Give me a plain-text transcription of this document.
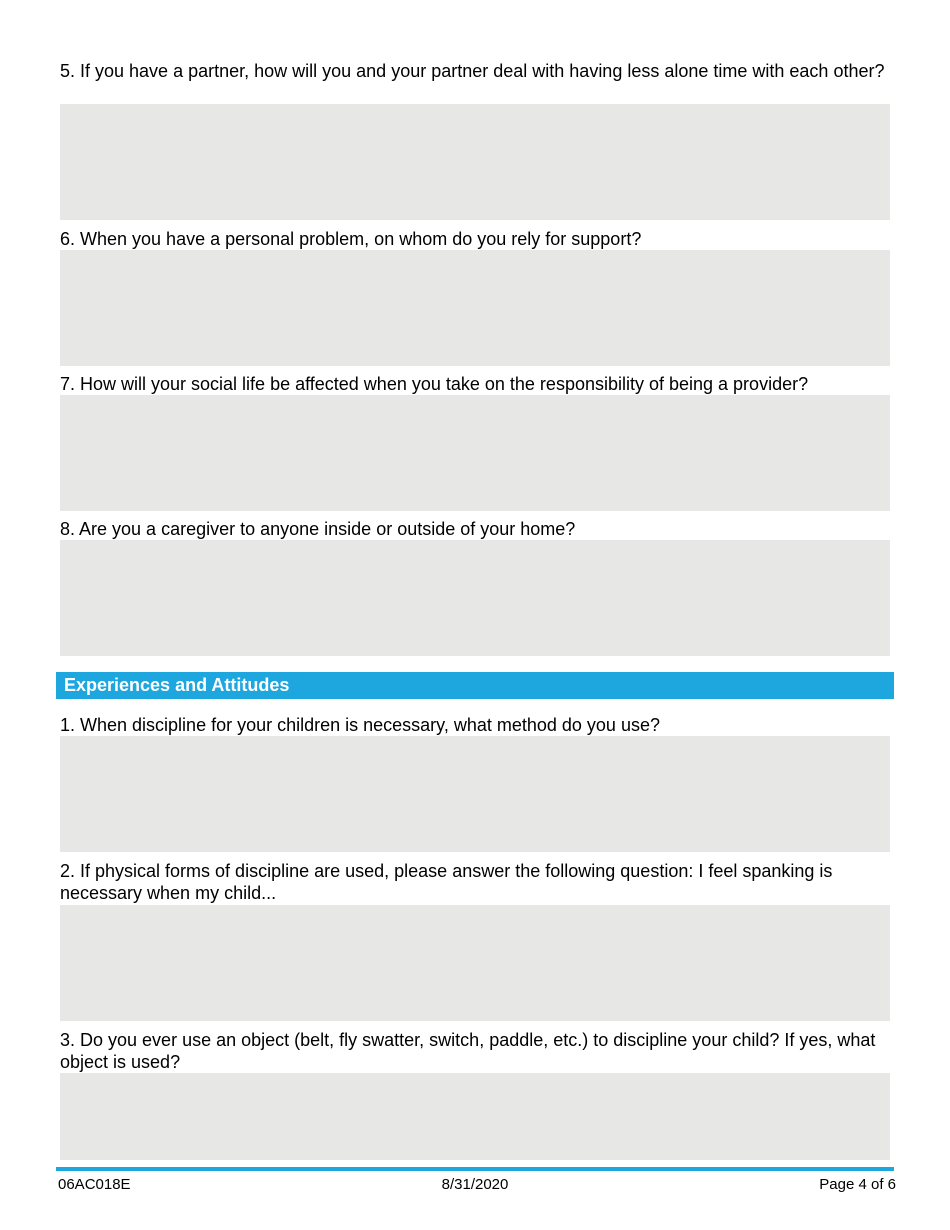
5. If you have a partner, how will you and your partner deal with having less alone time with each other?
6. When you have a personal problem, on whom do you rely for support?
7. How will your social life be affected when you take on the responsibility of being a provider?
8. Are you a caregiver to anyone inside or outside of your home?
Experiences and Attitudes
1. When discipline for your children is necessary, what method do you use?
2. If physical forms of discipline are used, please answer the following question: I feel spanking is necessary when my child...
3. Do you ever use an object (belt, fly swatter, switch, paddle, etc.) to discipline your child? If yes, what object is used?
06AC018E	8/31/2020	Page 4 of 6
